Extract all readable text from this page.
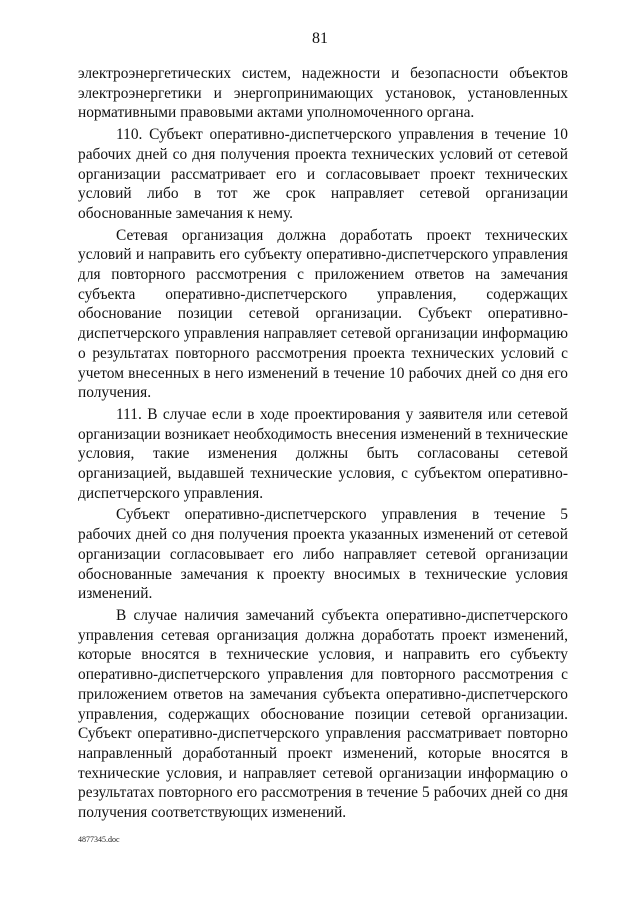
81

электроэнергетических систем, надежности и безопасности объектов электроэнергетики и энергопринимающих установок, установленных нормативными правовыми актами уполномоченного органа.

110. Субъект оперативно-диспетчерского управления в течение 10 рабочих дней со дня получения проекта технических условий от сетевой организации рассматривает его и согласовывает проект технических условий либо в тот же срок направляет сетевой организации обоснованные замечания к нему.

Сетевая организация должна доработать проект технических условий и направить его субъекту оперативно-диспетчерского управления для повторного рассмотрения с приложением ответов на замечания субъекта оперативно-диспетчерского управления, содержащих обоснование позиции сетевой организации. Субъект оперативно-диспетчерского управления направляет сетевой организации информацию о результатах повторного рассмотрения проекта технических условий с учетом внесенных в него изменений в течение 10 рабочих дней со дня его получения.

111. В случае если в ходе проектирования у заявителя или сетевой организации возникает необходимость внесения изменений в технические условия, такие изменения должны быть согласованы сетевой организацией, выдавшей технические условия, с субъектом оперативно-диспетчерского управления.

Субъект оперативно-диспетчерского управления в течение 5 рабочих дней со дня получения проекта указанных изменений от сетевой организации согласовывает его либо направляет сетевой организации обоснованные замечания к проекту вносимых в технические условия изменений.

В случае наличия замечаний субъекта оперативно-диспетчерского управления сетевая организация должна доработать проект изменений, которые вносятся в технические условия, и направить его субъекту оперативно-диспетчерского управления для повторного рассмотрения с приложением ответов на замечания субъекта оперативно-диспетчерского управления, содержащих обоснование позиции сетевой организации. Субъект оперативно-диспетчерского управления рассматривает повторно направленный доработанный проект изменений, которые вносятся в технические условия, и направляет сетевой организации информацию о результатах повторного его рассмотрения в течение 5 рабочих дней со дня получения соответствующих изменений.

4877345.doc
